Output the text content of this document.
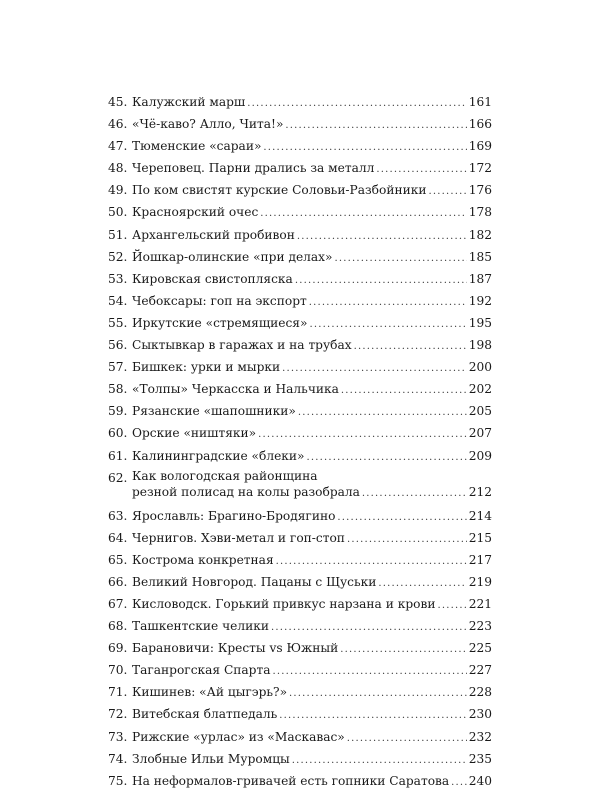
45. Калужский марш .....	161
46. «Чё-каво? Алло, Чита!» .....	166
47. Тюменские «сараи» .....	169
48. Череповец. Парни дрались за металл .....	172
49. По ком свистят курские Соловьи-Разбойники .....	176
50. Красноярский очес .....	178
51. Архангельский пробивон .....	182
52. Йошкар-олинские «при делах» .....	185
53. Кировская свистопляска .....	187
54. Чебоксары: гоп на экспорт .....	192
55. Иркутские «стремящиеся» .....	195
56. Сыктывкар в гаражах и на трубах .....	198
57. Бишкек: урки и мырки .....	200
58. «Толпы» Черкасска и Нальчика .....	202
59. Рязанские «шапошники» .....	205
60. Орские «ништяки» .....	207
61. Калининградские «блеки» .....	209
62. Как вологодская районщина
резной полисад на колы разобрала .....	212
63. Ярославль: Брагино-Бродягино .....	214
64. Чернигов. Хэви-метал и гоп-стоп .....	215
65. Кострома конкретная .....	217
66. Великий Новгород. Пацаны с Щуськи .....	219
67. Кисловодск. Горький привкус нарзана и крови .....	221
68. Ташкентские челики .....	223
69. Барановичи: Кресты vs Южный .....	225
70. Таганрогская Спарта .....	227
71. Кишинев: «Ай цыгэрь?» .....	228
72. Витебская блатпедаль .....	230
73. Рижские «урлас» из «Маскавас» .....	232
74. Злобные Ильи Муромцы .....	235
75. На неформалов-гривачей есть гопники Саратова ..... 240
